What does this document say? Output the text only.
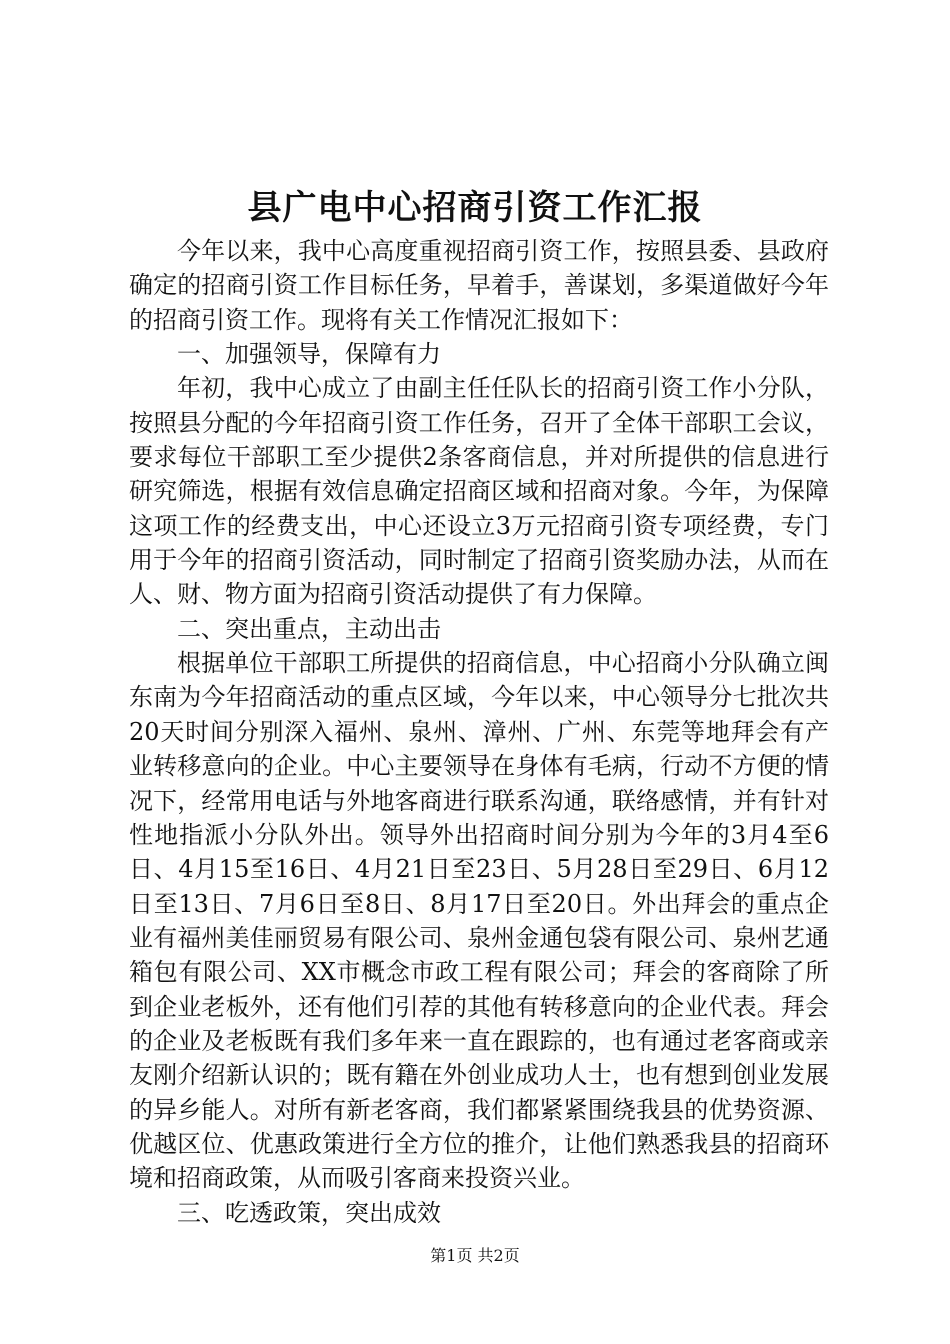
县广电中心招商引资工作汇报

今年以来，我中心高度重视招商引资工作，按照县委、县政府确定的招商引资工作目标任务，早着手，善谋划，多渠道做好今年的招商引资工作。现将有关工作情况汇报如下：

一、加强领导，保障有力

年初，我中心成立了由副主任任队长的招商引资工作小分队，按照县分配的今年招商引资工作任务，召开了全体干部职工会议，要求每位干部职工至少提供2条客商信息，并对所提供的信息进行研究筛选，根据有效信息确定招商区域和招商对象。今年，为保障这项工作的经费支出，中心还设立3万元招商引资专项经费，专门用于今年的招商引资活动，同时制定了招商引资奖励办法，从而在人、财、物方面为招商引资活动提供了有力保障。

二、突出重点，主动出击

根据单位干部职工所提供的招商信息，中心招商小分队确立闽东南为今年招商活动的重点区域，今年以来，中心领导分七批次共20天时间分别深入福州、泉州、漳州、广州、东莞等地拜会有产业转移意向的企业。中心主要领导在身体有毛病，行动不方便的情况下，经常用电话与外地客商进行联系沟通，联络感情，并有针对性地指派小分队外出。领导外出招商时间分别为今年的3月4至6日、4月15至16日、4月21日至23日、5月28日至29日、6月12日至13日、7月6日至8日、8月17日至20日。外出拜会的重点企业有福州美佳丽贸易有限公司、泉州金通包袋有限公司、泉州艺通箱包有限公司、XX市概念市政工程有限公司；拜会的客商除了所到企业老板外，还有他们引荐的其他有转移意向的企业代表。拜会的企业及老板既有我们多年来一直在跟踪的，也有通过老客商或亲友刚介绍新认识的；既有籍在外创业成功人士，也有想到创业发展的异乡能人。对所有新老客商，我们都紧紧围绕我县的优势资源、优越区位、优惠政策进行全方位的推介，让他们熟悉我县的招商环境和招商政策，从而吸引客商来投资兴业。

三、吃透政策，突出成效

第1页 共2页
